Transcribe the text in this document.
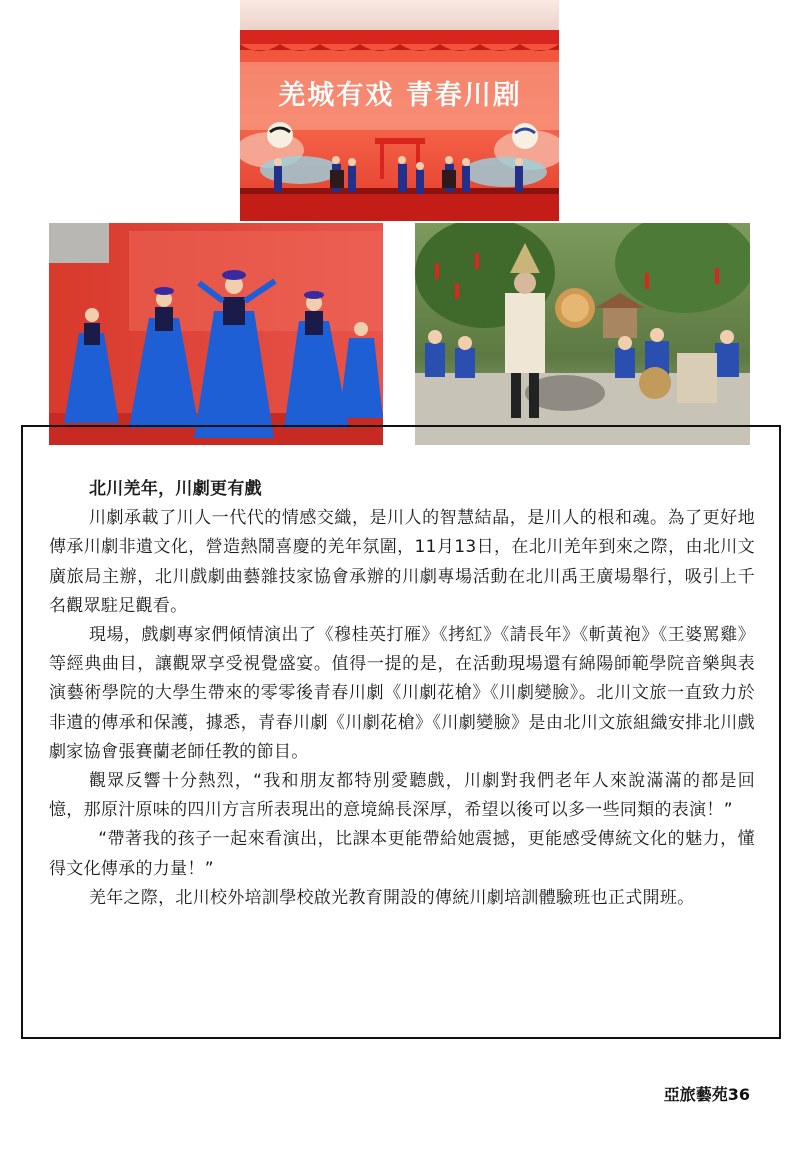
羌城有戏 青春川剧
北川羌年，川劇更有戲

川劇承載了川人一代代的情感交織，是川人的智慧結晶，是川人的根和魂。為了更好地傳承川劇非遺文化，營造熱鬧喜慶的羌年氛圍，11月13日，在北川羌年到來之際，由北川文廣旅局主辦，北川戲劇曲藝雜技家協會承辦的川劇專場活動在北川禹王廣場舉行，吸引上千名觀眾駐足觀看。

現場，戲劇專家們傾情演出了《穆桂英打雁》《拷紅》《請長年》《斬黃袍》《王婆罵雞》等經典曲目，讓觀眾享受視覺盛宴。值得一提的是，在活動現場還有綿陽師範學院音樂與表演藝術學院的大學生帶來的零零後青春川劇《川劇花槍》《川劇變臉》。北川文旅一直致力於非遺的傳承和保護，據悉，青春川劇《川劇花槍》《川劇變臉》是由北川文旅組織安排北川戲劇家協會張賽蘭老師任教的節目。

觀眾反響十分熱烈，“我和朋友都特別愛聽戲，川劇對我們老年人來說滿滿的都是回憶，那原汁原味的四川方言所表現出的意境綿長深厚，希望以後可以多一些同類的表演！”

“帶著我的孩子一起來看演出，比課本更能帶給她震撼，更能感受傳統文化的魅力，懂得文化傳承的力量！”

羌年之際，北川校外培訓學校啟光教育開設的傳統川劇培訓體驗班也正式開班。

亞旅藝苑36
